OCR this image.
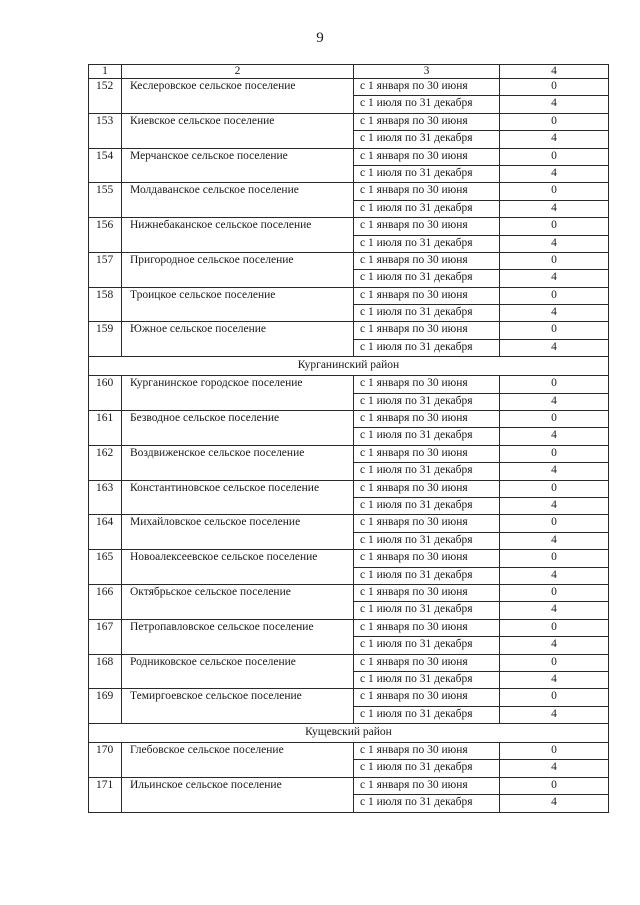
9
1	2	3	4
152	Кеслеровское сельское поселение	с 1 января по 30 июня	0
		с 1 июля по 31 декабря	4
153	Киевское сельское поселение	с 1 января по 30 июня	0
		с 1 июля по 31 декабря	4
154	Мерчанское сельское поселение	с 1 января по 30 июня	0
		с 1 июля по 31 декабря	4
155	Молдаванское сельское поселение	с 1 января по 30 июня	0
		с 1 июля по 31 декабря	4
156	Нижнебаканское сельское поселение	с 1 января по 30 июня	0
		с 1 июля по 31 декабря	4
157	Пригородное сельское поселение	с 1 января по 30 июня	0
		с 1 июля по 31 декабря	4
158	Троицкое сельское поселение	с 1 января по 30 июня	0
		с 1 июля по 31 декабря	4
159	Южное сельское поселение	с 1 января по 30 июня	0
		с 1 июля по 31 декабря	4
Курганинский район			
160	Курганинское городское поселение	с 1 января по 30 июня	0
		с 1 июля по 31 декабря	4
161	Безводное сельское поселение	с 1 января по 30 июня	0
		с 1 июля по 31 декабря	4
162	Воздвиженское сельское поселение	с 1 января по 30 июня	0
		с 1 июля по 31 декабря	4
163	Константиновское сельское поселение	с 1 января по 30 июня	0
		с 1 июля по 31 декабря	4
164	Михайловское сельское поселение	с 1 января по 30 июня	0
		с 1 июля по 31 декабря	4
165	Новоалексеевское сельское поселение	с 1 января по 30 июня	0
		с 1 июля по 31 декабря	4
166	Октябрьское сельское поселение	с 1 января по 30 июня	0
		с 1 июля по 31 декабря	4
167	Петропавловское сельское поселение	с 1 января по 30 июня	0
		с 1 июля по 31 декабря	4
168	Родниковское сельское поселение	с 1 января по 30 июня	0
		с 1 июля по 31 декабря	4
169	Темиргоевское сельское поселение	с 1 января по 30 июня	0
		с 1 июля по 31 декабря	4
Кущевский район			
170	Глебовское сельское поселение	с 1 января по 30 июня	0
		с 1 июля по 31 декабря	4
171	Ильинское сельское поселение	с 1 января по 30 июня	0
		с 1 июля по 31 декабря	4
